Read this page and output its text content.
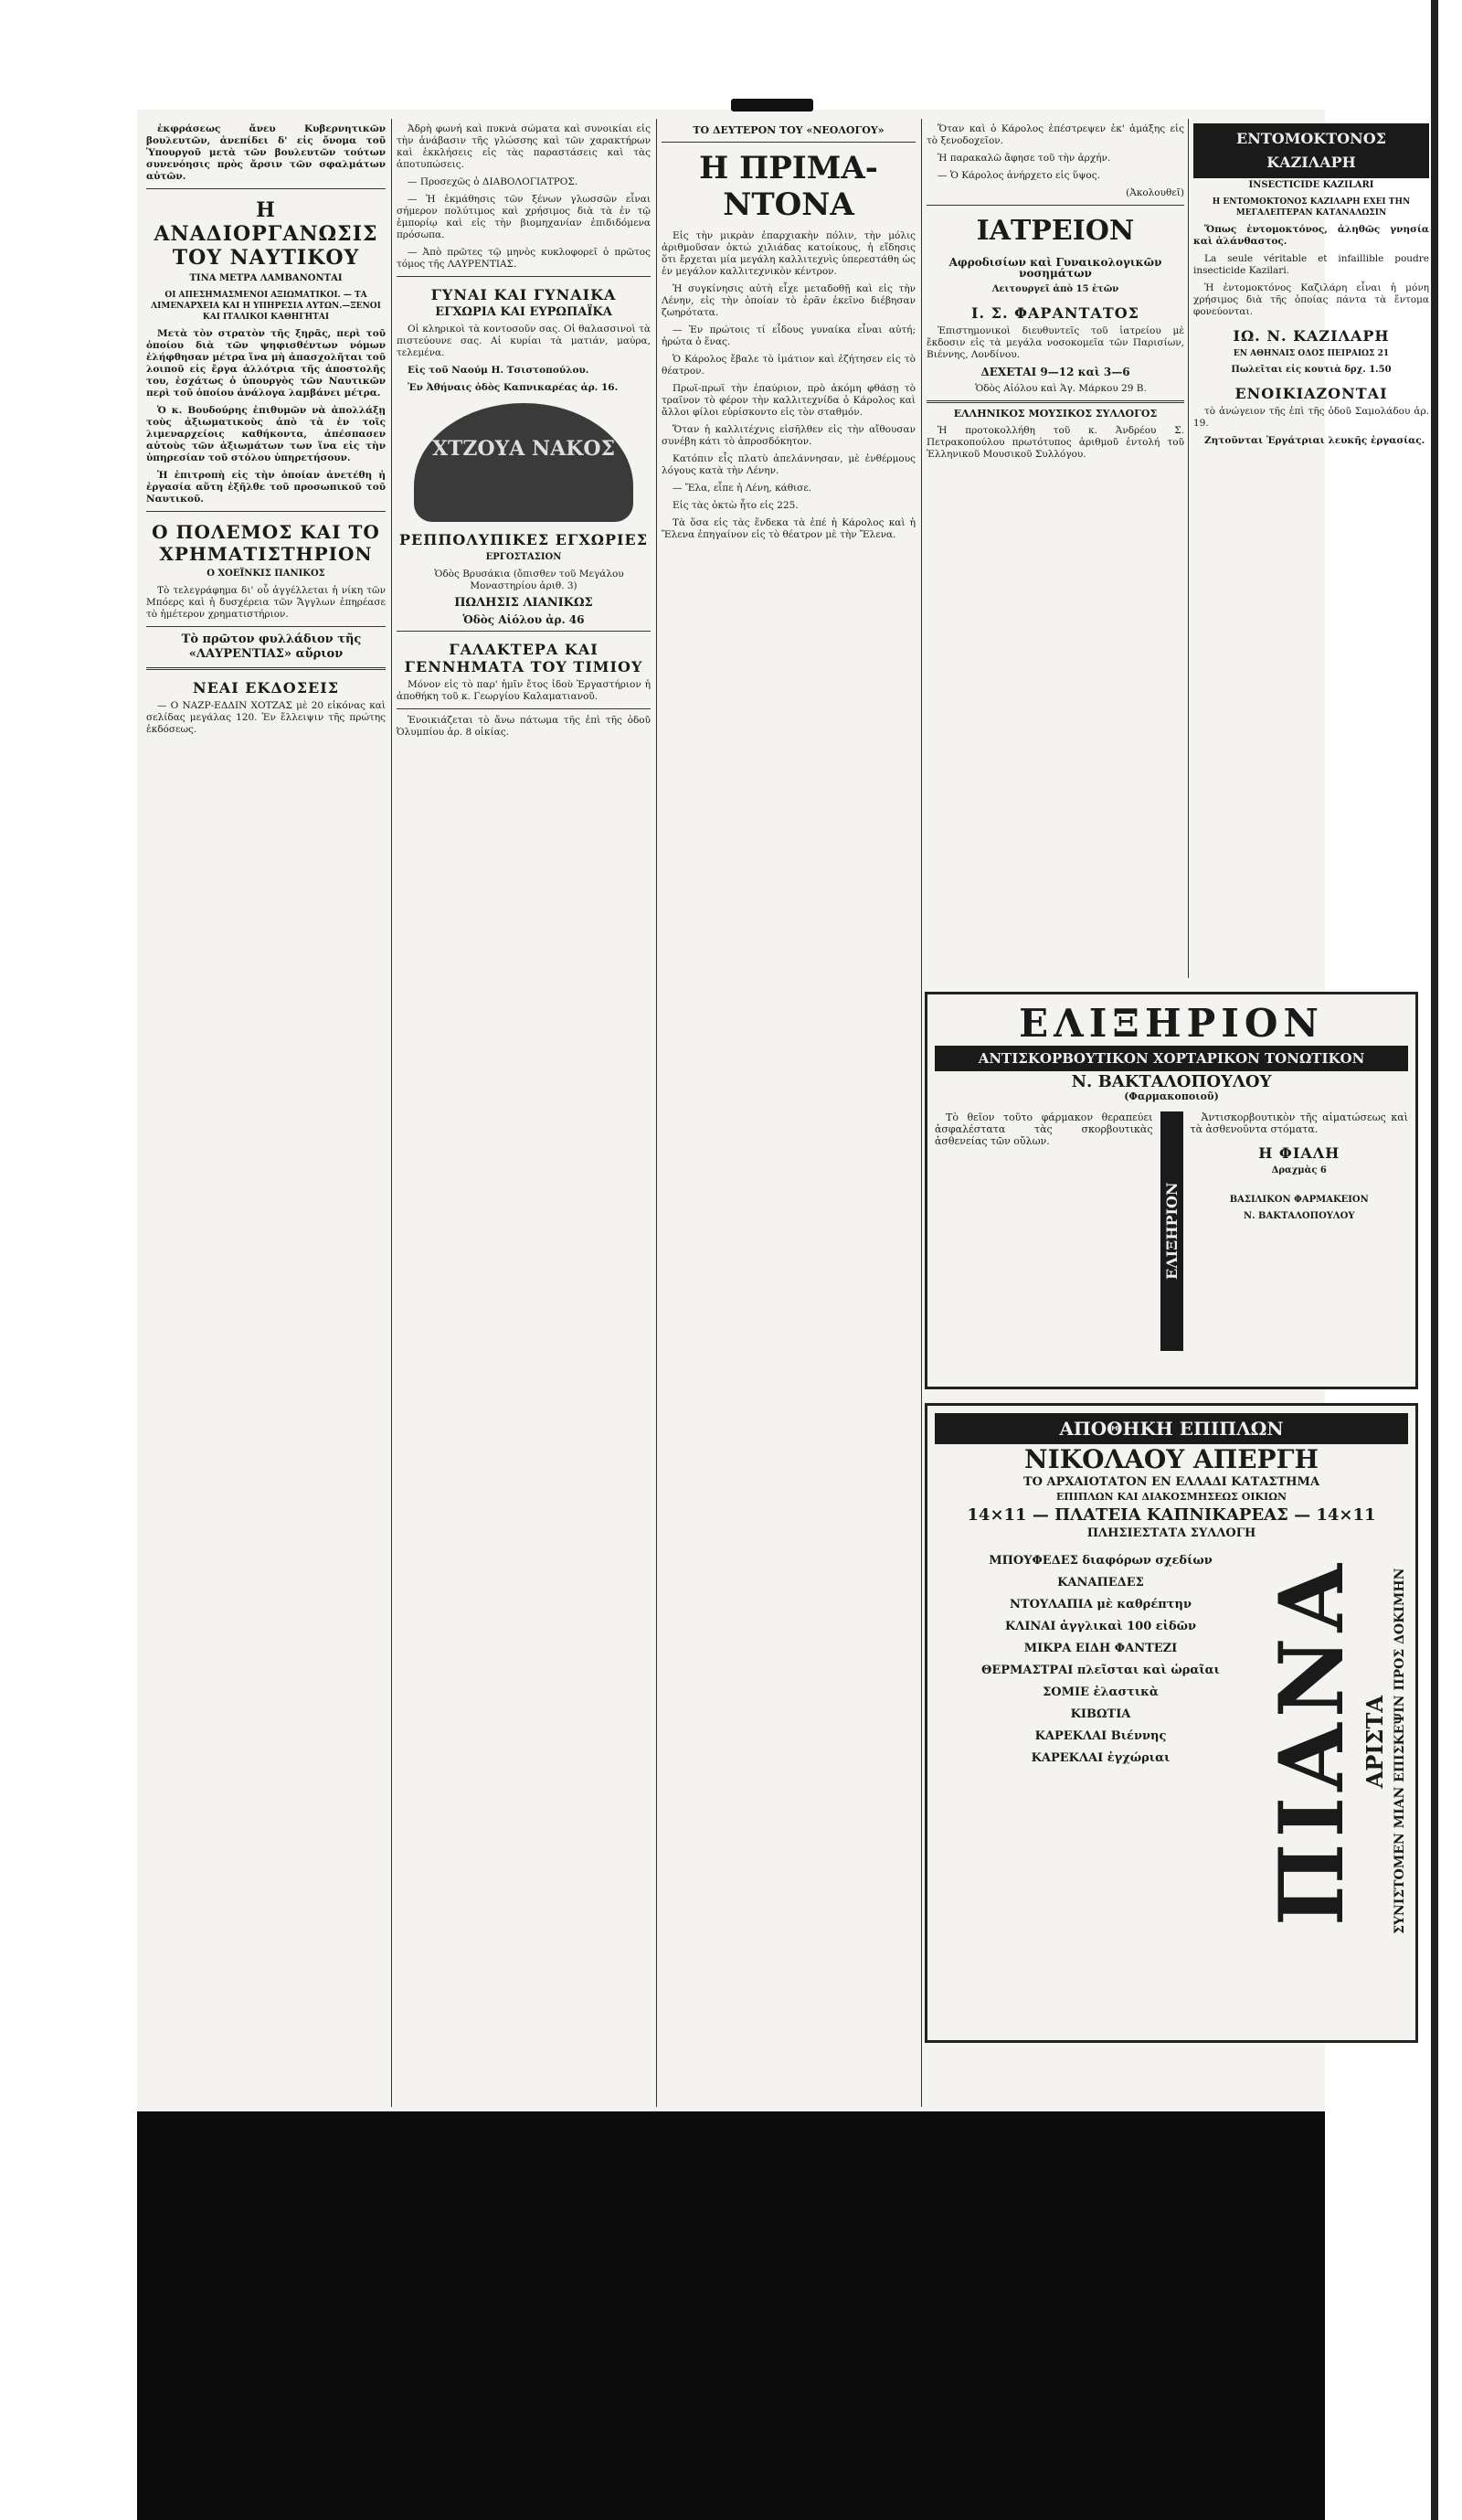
ἐκφράσεως ἄνευ Κυβερνητικῶν βουλευτῶν, ἀνεπίδει δ' εἰς ὄνομα τοῦ Ὑπουργοῦ μετὰ τῶν βουλευτῶν τούτων συνενόησις πρὸς ἄρσιν τῶν σφαλμάτων αὐτῶν.

Η ΑΝΑΔΙΟΡΓΑΝΩΣΙΣ ΤΟΥ ΝΑΥΤΙΚΟΥ
ΤΙΝΑ ΜΕΤΡΑ ΛΑΜΒΑΝΟΝΤΑΙ
ΟΙ ΑΠΕΣΗΜΑΣΜΕΝΟΙ ΑΞΙΩΜΑΤΙΚΟΙ. — ΤΑ ΛΙΜΕΝΑΡΧΕΙΑ ΚΑΙ Η ΥΠΗΡΕΣΙΑ ΑΥΤΩΝ.—ΞΕΝΟΙ ΚΑΙ ΙΤΑΛΙΚΟΙ ΚΑΘΗΓΗΤΑΙ

Μετὰ τὸν στρατὸν τῆς ξηρᾶς, περὶ τοῦ ὁποίου διὰ τῶν ψηφισθέντων νόμων ἐλήφθησαν μέτρα ἵνα μὴ ἀπασχολῆται τοῦ λοιποῦ εἰς ἔργα ἀλλότρια τῆς ἀποστολῆς του, ἐσχάτως ὁ ὑπουργὸς τῶν Ναυτικῶν περὶ τοῦ ὁποίου ἀνάλογα λαμβάνει μέτρα.

Ὁ κ. Βουδούρης ἐπιθυμῶν νὰ ἀπολλάξῃ τοὺς ἀξιωματικοὺς ἀπὸ τὰ ἐν τοῖς λιμεναρχείοις καθήκοντα, ἀπέσπασεν αὐτοὺς τῶν ἀξιωμάτων των ἵνα εἰς τὴν ὑπηρεσίαν τοῦ στόλου ὑπηρετήσουν.

Ἡ ἐπιτροπὴ εἰς τὴν ὁποίαν ἀνετέθη ἡ ἐργασία αὕτη ἐξῆλθε τοῦ προσωπικοῦ τοῦ Ναυτικοῦ.

Ο ΠΟΛΕΜΟΣ ΚΑΙ ΤΟ ΧΡΗΜΑΤΙΣΤΗΡΙΟΝ
Ο ΧΟΕΪΝΚΙΣ ΠΑΝΙΚΟΣ

Τὸ τελεγράφημα δι' οὗ ἀγγέλλεται ἡ νίκη τῶν Μπόερς καὶ ἡ δυσχέρεια τῶν Ἄγγλων ἐπηρέασε τὸ ἡμέτερον χρηματιστήριον.

Τὸ πρῶτον φυλλάδιον τῆς «ΛΑΥΡΕΝΤΙΑΣ» αὔριον

ΝΕΑΙ ΕΚΔΟΣΕΙΣ

— Ο ΝΑΖΡ-ΕΔΔΙΝ ΧΟΤΖΑΣ μὲ 20 εἰκόνας καὶ σελίδας μεγάλας 120. Ἐν ἔλλειψιν τῆς πρώτης ἐκδόσεως.

Ἀδρὴ φωνή καὶ πυκνὰ σώματα καὶ συνοικίαι εἰς τὴν ἀνάβασιν τῆς γλώσσης καὶ τῶν χαρακτήρων καὶ ἐκκλήσεις εἰς τὰς παραστάσεις καὶ τὰς ἀποτυπώσεις.

— Προσεχῶς ὁ ΔΙΑΒΟΛΟΓΙΑΤΡΟΣ.

— Ἡ ἐκμάθησις τῶν ξένων γλωσσῶν εἶναι σήμερον πολύτιμος καὶ χρήσιμος διὰ τὰ ἐν τῷ ἐμπορίῳ καὶ εἰς τὴν βιομηχανίαν ἐπιδιδόμενα πρόσωπα.

— Ἀπὸ πρῶτες τῷ μηνὸς κυκλοφορεῖ ὁ πρῶτος τόμος τῆς ΛΑΥΡΕΝΤΙΑΣ.

ΓΥΝΑΙ ΚΑΙ ΓΥΝΑΙΚΑ
ΕΓΧΩΡΙΑ ΚΑΙ ΕΥΡΩΠΑΪΚΑ

Οἱ κληρικοὶ τὰ κοντοσοῦν σας. Οἱ θαλασσινοὶ τὰ πιστεύουνε σας. Αἱ κυρίαι τὰ ματιάν, μαύρα, τελεμένα.

Εἰς τοῦ Ναούμ Η. Τσιστοπούλου.

Ἐν Ἀθήναις ὁδὸς Καπνικαρέας ἀρ. 16.

ΧΤΖΟΥΑ ΝΑΚΟΣ
ΡΕΠΠΟΛΥΠΙΚΕΣ ΕΓΧΩΡΙΕΣ
ΕΡΓΟΣΤΑΣΙΟΝ

Ὁδὸς Βρυσάκια (ὄπισθεν τοῦ Μεγάλου Μοναστηρίου ἀριθ. 3)

ΠΩΛΗΣΙΣ ΛΙΑΝΙΚΩΣ
Ὁδὸς Αἰόλου ἀρ. 46
ΓΑΛΑΚΤΕΡΑ ΚΑΙ ΓΕΝΝΗΜΑΤΑ ΤΟΥ ΤΙΜΙΟΥ

Μόνον εἰς τὸ παρ' ἡμῖν ἔτος ἰδοὺ Ἐργαστήριον ἡ ἀποθήκη τοῦ κ. Γεωργίου Καλαματιανοῦ.

Ἑνοικιάζεται τὸ ἄνω πάτωμα τῆς ἐπὶ τῆς ὁδοῦ Ὀλυμπίου ἀρ. 8 οἰκίας.

ΤΟ ΔΕΥΤΕΡΟΝ ΤΟΥ «ΝΕΟΛΟΓΟΥ»
Η ΠΡΙΜΑ-ΝΤΟΝΑ

Εἰς τὴν μικρὰν ἐπαρχιακὴν πόλιν, τὴν μόλις ἀριθμοῦσαν ὀκτώ χιλιάδας κατοίκους, ἡ εἴδησις ὅτι ἔρχεται μία μεγάλη καλλιτεχνὶς ὑπερεστάθη ὡς ἐν μεγάλον καλλιτεχνικὸν κέντρον.

Ἡ συγκίνησις αὐτὴ εἶχε μεταδοθῇ καὶ εἰς τὴν Λένην, εἰς τὴν ὁποίαν τὸ ἐρᾶν ἐκεῖνο διέβησαν ζωηρότατα.

— Ἐν πρώτοις τί εἶδους γυναίκα εἶναι αὐτή; ἠρώτα ὁ ἕνας.

Ὁ Κάρολος ἔβαλε τὸ ἱμάτιον καὶ ἐζήτησεν εἰς τὸ θέατρον.

Πρωϊ-πρωϊ τὴν ἐπαύριον, πρὸ ἀκόμη φθάσῃ τὸ τραῖνον τὸ φέρον τὴν καλλιτεχνίδα ὁ Κάρολος καὶ ἄλλοι φίλοι εὑρίσκοντο εἰς τὸν σταθμόν.

Ὅταν ἡ καλλιτέχνις εἰσῆλθεν εἰς τὴν αἴθουσαν συνέβη κάτι τὸ ἀπροσδόκητον.

Κατόπιν εἷς πλατὺ ἀπελάννησαν, μὲ ἐνθέρμους λόγους κατὰ τὴν Λένην.

— Ἔλα, εἶπε ἡ Λένη, κάθισε.

Εἰς τὰς ὀκτὼ ἦτο εἰς 225.

Τὰ ὅσα εἰς τὰς ἕνδεκα τὰ ἐπέ ἡ Κάρολος καὶ ἡ Ἔλενα ἐπηγαίνον εἰς τὸ θέατρον μὲ τὴν Ἔλενα.

Ὅταν καὶ ὁ Κάρολος ἐπέστρεψεν ἐκ' ἁμάξης εἰς τὸ ξενοδοχεῖον.

Ἡ παρακαλῶ ἄφησε τοῦ τὴν ἀρχήν.

— Ὁ Κάρολος ἀνήρχετο εἰς ὕψος.

(Ἀκολουθεῖ)

ΙΑΤΡΕΙΟΝ
Αφροδισίων καὶ Γυναικολογικῶν νοσημάτων
Λειτουργεῖ ἀπὸ 15 ἐτῶν
Ι. Σ. ΦΑΡΑΝΤΑΤΟΣ

Ἐπιστημονικοὶ διευθυντεῖς τοῦ ἰατρείου μὲ ἔκδοσιν εἰς τὰ μεγάλα νοσοκομεῖα τῶν Παρισίων, Βιέννης, Λονδίνου.

ΔΕΧΕΤΑΙ 9—12 καὶ 3—6

Ὁδὸς Αἰόλου καὶ Ἁγ. Μάρκου 29 Β.

ΕΛΛΗΝΙΚΟΣ ΜΟΥΣΙΚΟΣ ΣΥΛΛΟΓΟΣ

Ἡ προτοκολλήθη τοῦ κ. Ἀνδρέου Σ. Πετρακοπούλου πρωτότυπος ἀριθμοῦ ἐντολή τοῦ Ἑλληνικοῦ Μουσικοῦ Συλλόγου.

ΕΝΤΟΜΟΚΤΟΝΟΣ ΚΑΖΙΛΑΡΗ
INSECTICIDE KAZILARI
Η ΕΝΤΟΜΟΚΤΟΝΟΣ ΚΑΖΙΛΑΡΗ ΕΧΕΙ ΤΗΝ ΜΕΓΑΛΕΙΤΕΡΑΝ ΚΑΤΑΝΑΛΩΣΙΝ

Ὅπως ἐντομοκτόνος, ἀληθῶς γνησία καὶ ἀλάνθαστος.

La seule véritable et infaillible poudre insecticide Kazilari.

Ἡ ἐντομοκτόνος Καζιλάρη εἶναι ἡ μόνη χρήσιμος διὰ τῆς ὁποίας πάντα τὰ ἔντομα φονεύονται.

ΙΩ. Ν. ΚΑΖΙΛΑΡΗ
ΕΝ ΑΘΗΝΑΙΣ ΟΔΟΣ ΠΕΙΡΑΙΩΣ 21
Πωλεῖται εἰς κουτιὰ δρχ. 1.50
ΕΝΟΙΚΙΑΖΟΝΤΑΙ

τὸ ἀνώγειον τῆς ἐπὶ τῆς ὁδοῦ Σαμολάδου ἀρ. 19.

Ζητοῦνται Ἐργάτριαι λευκῆς ἐργασίας.

ΕΛΙΞΗΡΙΟΝ
ΑΝΤΙΣΚΟΡΒΟΥΤΙΚΟΝ ΧΟΡΤΑΡΙΚΟΝ ΤΟΝΩΤΙΚΟΝ
Ν. ΒΑΚΤΑΛΟΠΟΥΛΟΥ
(Φαρμακοποιοῦ)

Τὸ θεῖον τοῦτο φάρμακον θεραπεύει ἀσφαλέστατα τὰς σκορβουτικὰς ἀσθενείας τῶν οὔλων.

ΕΛΙΞΗΡΙΟΝ

Ἀντισκορβουτικὸν τῆς αἱματώσεως καὶ τὰ ἀσθενοῦντα στόματα.

Η ΦΙΑΛΗ
Δραχμὰς 6
ΒΑΣΙΛΙΚΟΝ ΦΑΡΜΑΚΕΙΟΝ
Ν. ΒΑΚΤΑΛΟΠΟΥΛΟΥ
ΑΠΟΘΗΚΗ ΕΠΙΠΛΩΝ
ΝΙΚΟΛΑΟΥ ΑΠΕΡΓΗ
ΤΟ ΑΡΧΑΙΟΤΑΤΟΝ ΕΝ ΕΛΛΑΔΙ ΚΑΤΑΣΤΗΜΑ
ΕΠΙΠΛΩΝ ΚΑΙ ΔΙΑΚΟΣΜΗΣΕΩΣ ΟΙΚΙΩΝ
14×11 — ΠΛΑΤΕΙΑ ΚΑΠΝΙΚΑΡΕΑΣ — 14×11
ΠΛΗΣΙΕΣΤΑΤΑ ΣΥΛΛΟΓΗ
ΜΠΟΥΦΕΔΕΣ διαφόρων σχεδίων
ΚΑΝΑΠΕΔΕΣ
ΝΤΟΥΛΑΠΙΑ μὲ καθρέπτην
ΚΛΙΝΑΙ ἀγγλικαὶ 100 εἰδῶν
ΜΙΚΡΑ ΕΙΔΗ ΦΑΝΤΕΖΙ
ΘΕΡΜΑΣΤΡΑΙ πλεῖσται καὶ ὡραῖαι
ΣΟΜΙΕ ἐλαστικὰ
ΚΙΒΩΤΙΑ
ΚΑΡΕΚΛΑΙ Βιέννης
ΚΑΡΕΚΛΑΙ ἐγχώριαι	ΠΙΑΝΑ
ΑΡΙΣΤΑ ΣΥΝΙΣΤΟΜΕΝ ΜΙΑΝ ΕΠΙΣΚΕΨΙΝ ΠΡΟΣ ΔΟΚΙΜΗΝ
